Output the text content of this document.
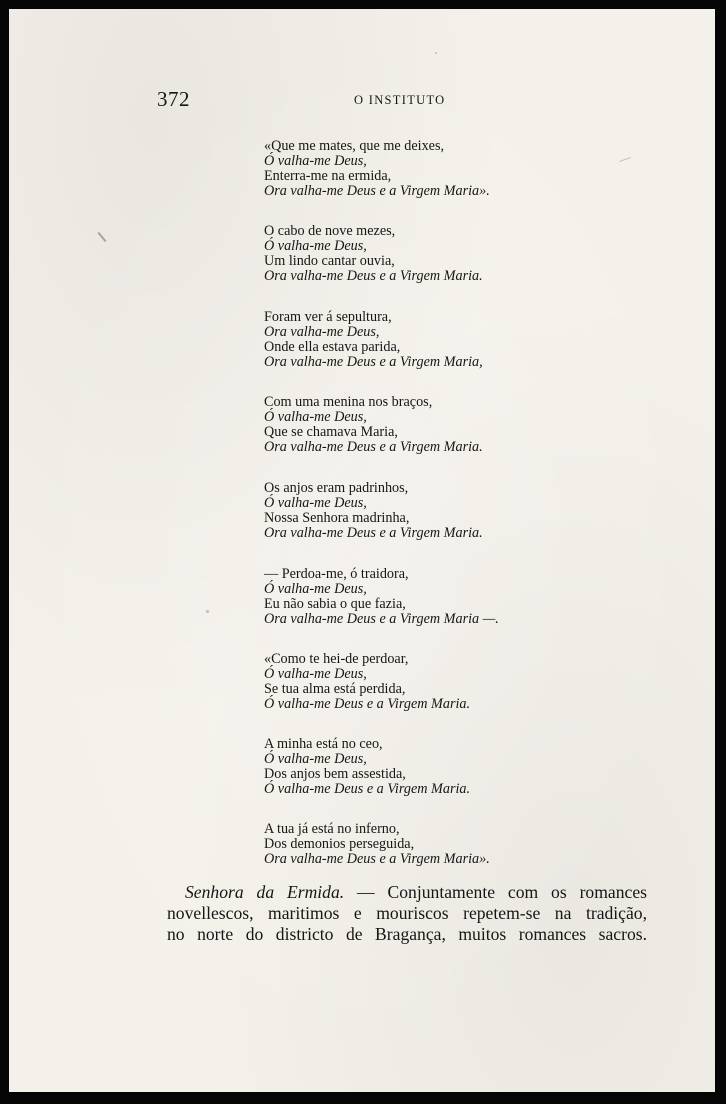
372	O INSTITUTO
«Que me mates, que me deixes,
Ó valha-me Deus,
Enterra-me na ermida,
Ora valha-me Deus e a Virgem Maria».
O cabo de nove mezes,
Ó valha-me Deus,
Um lindo cantar ouvia,
Ora valha-me Deus e a Virgem Maria.
Foram ver á sepultura,
Ora valha-me Deus,
Onde ella estava parida,
Ora valha-me Deus e a Virgem Maria,
Com uma menina nos braços,
Ó valha-me Deus,
Que se chamava Maria,
Ora valha-me Deus e a Virgem Maria.
Os anjos eram padrinhos,
Ó valha-me Deus,
Nossa Senhora madrinha,
Ora valha-me Deus e a Virgem Maria.
— Perdoa-me, ó traidora,
Ó valha-me Deus,
Eu não sabia o que fazia,
Ora valha-me Deus e a Virgem Maria —.
«Como te hei-de perdoar,
Ó valha-me Deus,
Se tua alma está perdida,
Ó valha-me Deus e a Virgem Maria.
A minha está no ceo,
Ó valha-me Deus,
Dos anjos bem assestida,
Ó valha-me Deus e a Virgem Maria.
A tua já está no inferno,
Dos demonios perseguida,
Ora valha-me Deus e a Virgem Maria».
Senhora da Ermida. — Conjuntamente com os romances
novellescos, maritimos e mouriscos repetem-se na tradição,
no norte do districto de Bragança, muitos romances sacros.
